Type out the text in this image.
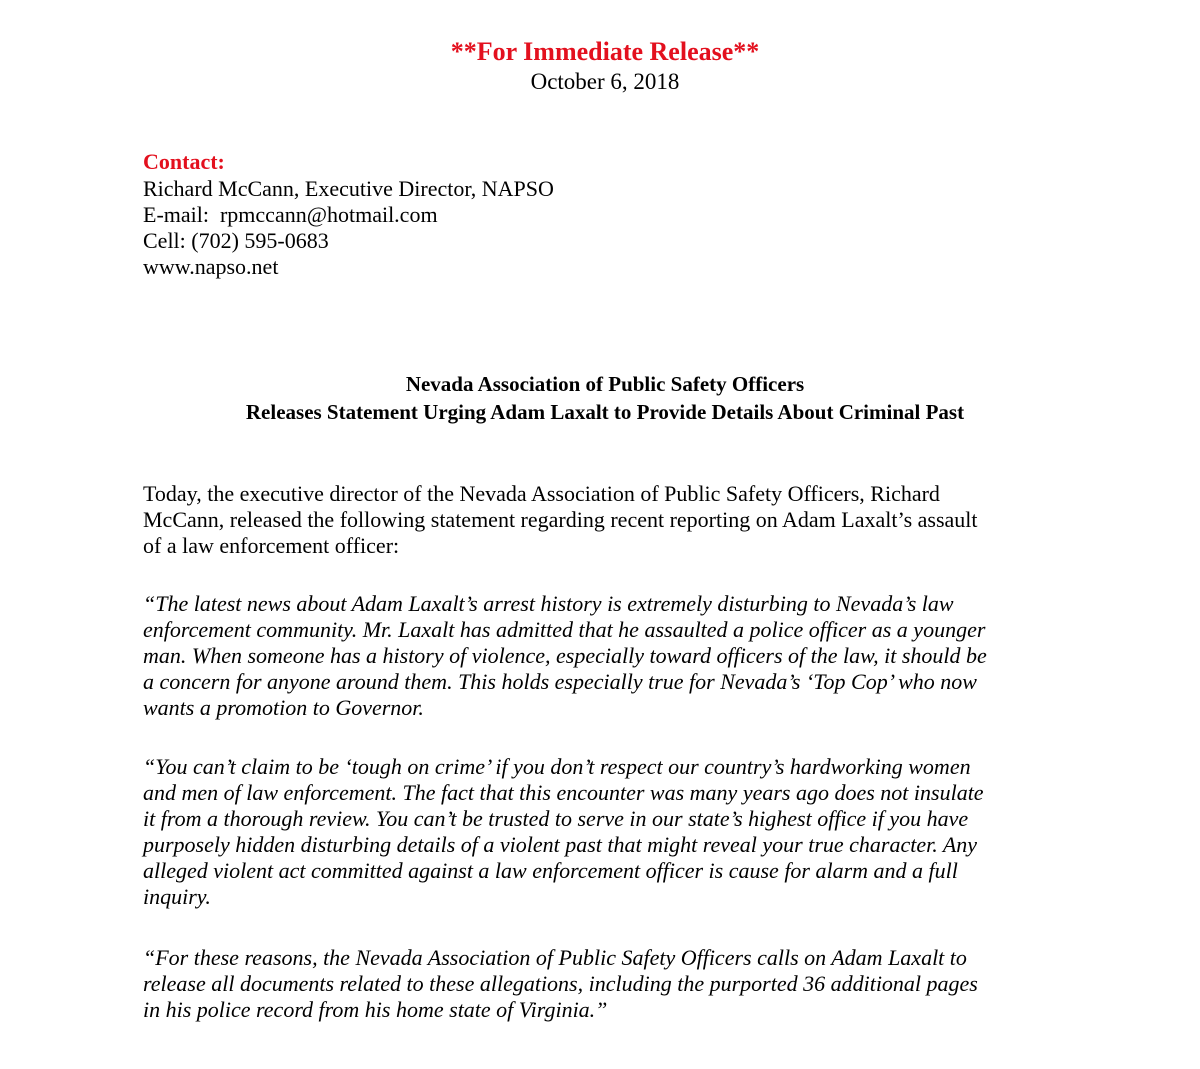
**For Immediate Release**
October 6, 2018
Contact:
Richard McCann, Executive Director, NAPSO
E-mail:  rpmccann@hotmail.com
Cell: (702) 595-0683
www.napso.net
Nevada Association of Public Safety Officers
Releases Statement Urging Adam Laxalt to Provide Details About Criminal Past
Today, the executive director of the Nevada Association of Public Safety Officers, Richard
McCann, released the following statement regarding recent reporting on Adam Laxalt’s assault
of a law enforcement officer:
“The latest news about Adam Laxalt’s arrest history is extremely disturbing to Nevada’s law
enforcement community. Mr. Laxalt has admitted that he assaulted a police officer as a younger
man. When someone has a history of violence, especially toward officers of the law, it should be
a concern for anyone around them. This holds especially true for Nevada’s ‘Top Cop’ who now
wants a promotion to Governor.
“You can’t claim to be ‘tough on crime’ if you don’t respect our country’s hardworking women
and men of law enforcement. The fact that this encounter was many years ago does not insulate
it from a thorough review. You can’t be trusted to serve in our state’s highest office if you have
purposely hidden disturbing details of a violent past that might reveal your true character. Any
alleged violent act committed against a law enforcement officer is cause for alarm and a full
inquiry.
“For these reasons, the Nevada Association of Public Safety Officers calls on Adam Laxalt to
release all documents related to these allegations, including the purported 36 additional pages
in his police record from his home state of Virginia.”
